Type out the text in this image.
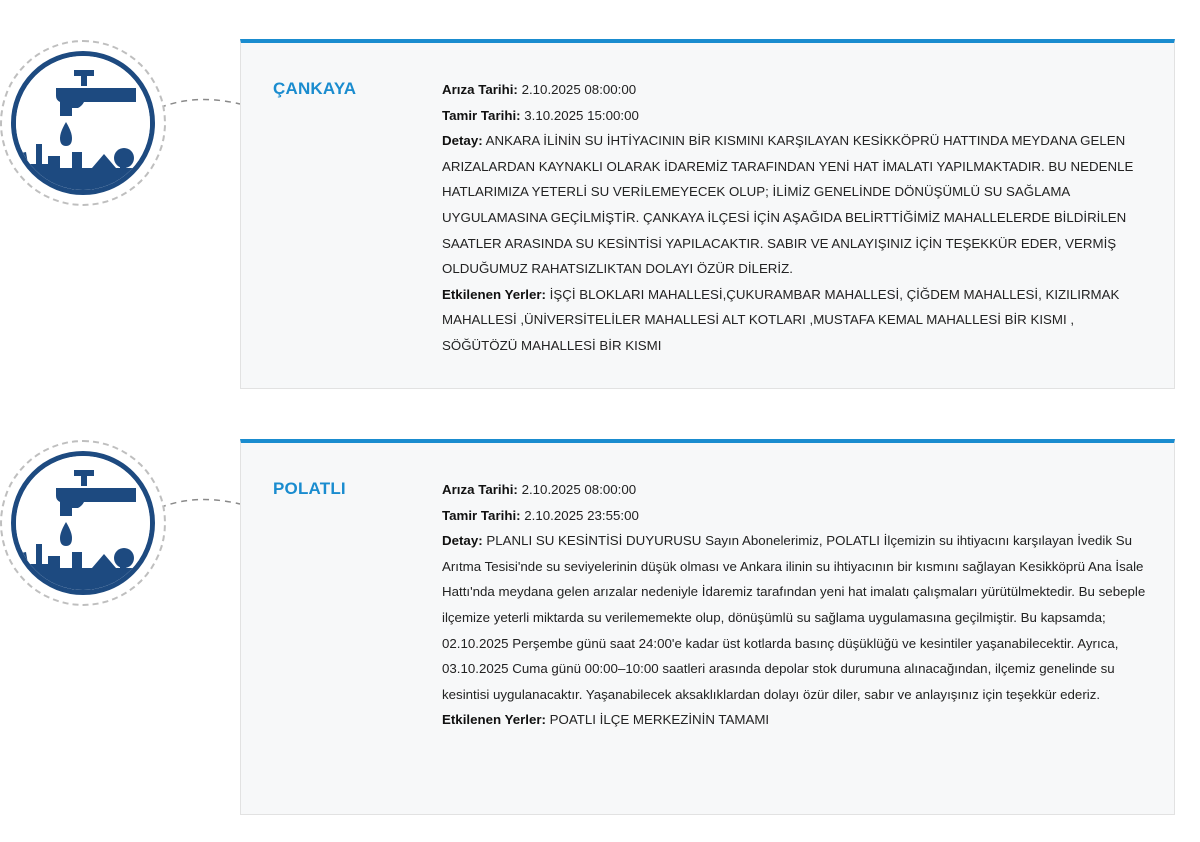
ÇANKAYA	Arıza Tarihi: 2.10.2025 08:00:00
Tamir Tarihi: 3.10.2025 15:00:00
Detay: ANKARA İLİNİN SU İHTİYACININ BİR KISMINI KARŞILAYAN KESİKKÖPRÜ HATTINDA MEYDANA GELEN ARIZALARDAN KAYNAKLI OLARAK İDAREMİZ TARAFINDAN YENİ HAT İMALATI YAPILMAKTADIR. BU NEDENLE HATLARIMIZA YETERLİ SU VERİLEMEYECEK OLUP; İLİMİZ GENELİNDE DÖNÜŞÜMLÜ SU SAĞLAMA UYGULAMASINA GEÇİLMİŞTİR. ÇANKAYA İLÇESİ İÇİN AŞAĞIDA BELİRTTİĞİMİZ MAHALLELERDE BİLDİRİLEN SAATLER ARASINDA SU KESİNTİSİ YAPILACAKTIR. SABIR VE ANLAYIŞINIZ İÇİN TEŞEKKÜR EDER, VERMİŞ OLDUĞUMUZ RAHATSIZLIKTAN DOLAYI ÖZÜR DİLERİZ.
Etkilenen Yerler: İŞÇİ BLOKLARI MAHALLESİ,ÇUKURAMBAR MAHALLESİ, ÇİĞDEM MAHALLESİ, KIZILIRMAK MAHALLESİ ,ÜNİVERSİTELİLER MAHALLESİ ALT KOTLARI ,MUSTAFA KEMAL MAHALLESİ BİR KISMI , SÖĞÜTÖZÜ MAHALLESİ BİR KISMI
POLATLI	Arıza Tarihi: 2.10.2025 08:00:00
Tamir Tarihi: 2.10.2025 23:55:00
Detay: PLANLI SU KESİNTİSİ DUYURUSU Sayın Abonelerimiz, POLATLI İlçemizin su ihtiyacını karşılayan İvedik Su Arıtma Tesisi'nde su seviyelerinin düşük olması ve Ankara ilinin su ihtiyacının bir kısmını sağlayan Kesikköprü Ana İsale Hattı'nda meydana gelen arızalar nedeniyle İdaremiz tarafından yeni hat imalatı çalışmaları yürütülmektedir. Bu sebeple ilçemize yeterli miktarda su verilememekte olup, dönüşümlü su sağlama uygulamasına geçilmiştir. Bu kapsamda; 02.10.2025 Perşembe günü saat 24:00'e kadar üst kotlarda basınç düşüklüğü ve kesintiler yaşanabilecektir. Ayrıca, 03.10.2025 Cuma günü 00:00–10:00 saatleri arasında depolar stok durumuna alınacağından, ilçemiz genelinde su kesintisi uygulanacaktır. Yaşanabilecek aksaklıklardan dolayı özür diler, sabır ve anlayışınız için teşekkür ederiz.
Etkilenen Yerler: POATLI İLÇE MERKEZİNİN TAMAMI
